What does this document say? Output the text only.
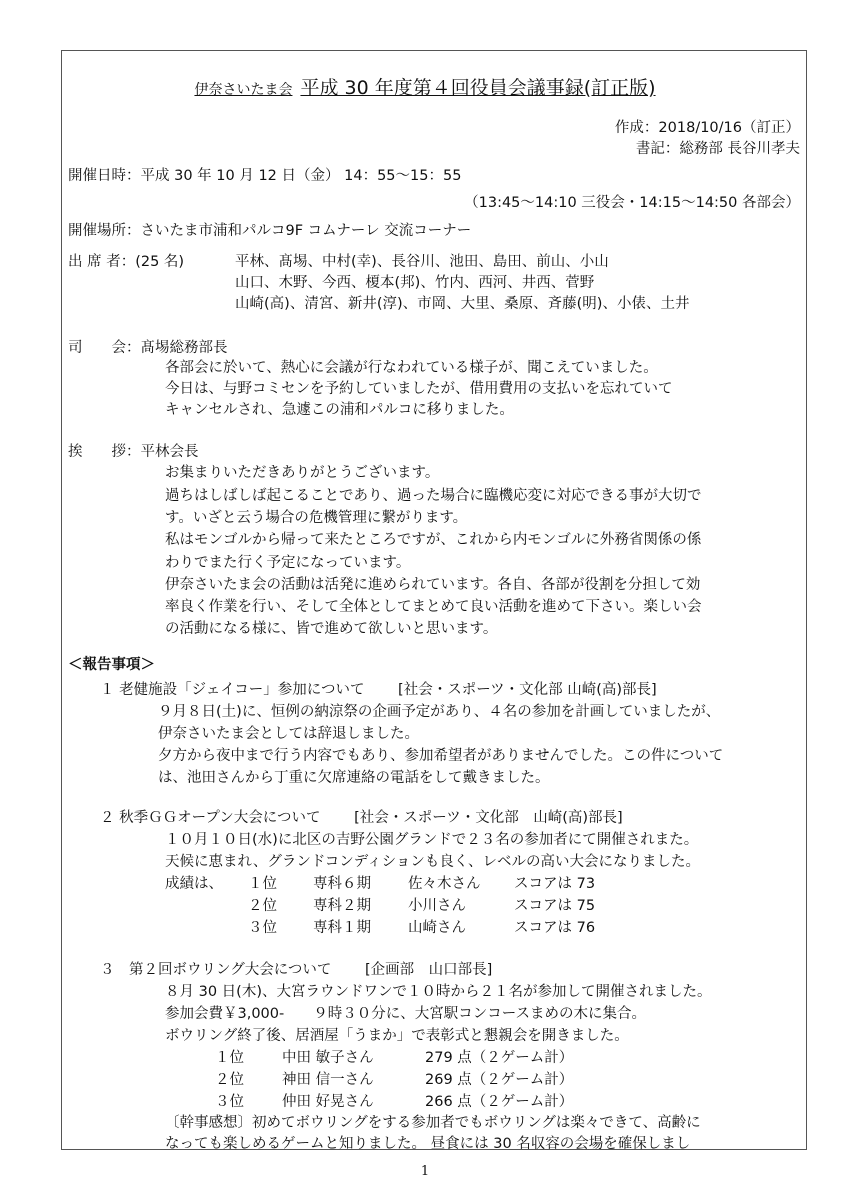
伊奈さいたま会 平成 30 年度第４回役員会議事録(訂正版)
作成：2018/10/16（訂正）
書記：総務部 長谷川孝夫
開催日時：平成 30 年 10 月 12 日（金） 14：55～15：55
（13:45～14:10 三役会・14:15～14:50 各部会）
開催場所：さいたま市浦和パルコ9F コムナーレ 交流コーナー
出 席 者：(25 名)	平林、髙埸、中村(幸)、長谷川、池田、島田、前山、小山
山口、木野、今西、榎本(邦)、竹内、西河、井西、菅野
山崎(高)、清宮、新井(淳)、市岡、大里、桑原、斉藤(明)、小俵、土井
司　　会：髙埸総務部長
各部会に於いて、熱心に会議が行なわれている様子が、聞こえていました。
今日は、与野コミセンを予約していましたが、借用費用の支払いを忘れていて
キャンセルされ、急遽この浦和パルコに移りました。
挨　　拶：平林会長
お集まりいただきありがとうございます。
過ちはしばしば起こることであり、過った場合に臨機応変に対応できる事が大切で
す。いざと云う場合の危機管理に繋がります。
私はモンゴルから帰って来たところですが、これから内モンゴルに外務省関係の係
わりでまた行く予定になっています。
伊奈さいたま会の活動は活発に進められています。各自、各部が役割を分担して効
率良く作業を行い、そして全体としてまとめて良い活動を進めて下さい。楽しい会
の活動になる様に、皆で進めて欲しいと思います。
＜報告事項＞
１ 老健施設「ジェイコー」参加について　　 [社会・スポーツ・文化部 山崎(高)部長]
９月８日(土)に、恒例の納涼祭の企画予定があり、４名の参加を計画していましたが、
伊奈さいたま会としては辞退しました。
夕方から夜中まで行う内容でもあり、参加希望者がありませんでした。この件について
は、池田さんから丁重に欠席連絡の電話をして戴きました。
２ 秋季ＧＧオープン大会について　　 [社会・スポーツ・文化部　山崎(高)部長]
１０月１０日(水)に北区の吉野公園グランドで２３名の参加者にて開催されまた。
天候に恵まれ、グランドコンディションも良く、レベルの高い大会になりました。
成績は、 １位 専科６期	佐々木さん スコアは 73
２位 専科２期	小川さん	スコアは 75
３位 専科１期	山崎さん	スコアは 76
３　第２回ボウリング大会について　　 [企画部　山口部長]
８月 30 日(木)、大宮ラウンドワンで１０時から２１名が参加して開催されました。
参加会費￥3,000-　　９時３０分に、大宮駅コンコースまめの木に集合。
ボウリング終了後、居酒屋「うまか」で表彰式と懇親会を開きました。
１位	中田 敏子さん	279 点（２ゲーム計）
２位	神田 信一さん	269 点（２ゲーム計）
３位	仲田 好晃さん	266 点（２ゲーム計）
〔幹事感想〕初めてボウリングをする参加者でもボウリングは楽々できて、高齢に
なっても楽しめるゲームと知りました。 昼食には 30 名収容の会場を確保しまし
1
